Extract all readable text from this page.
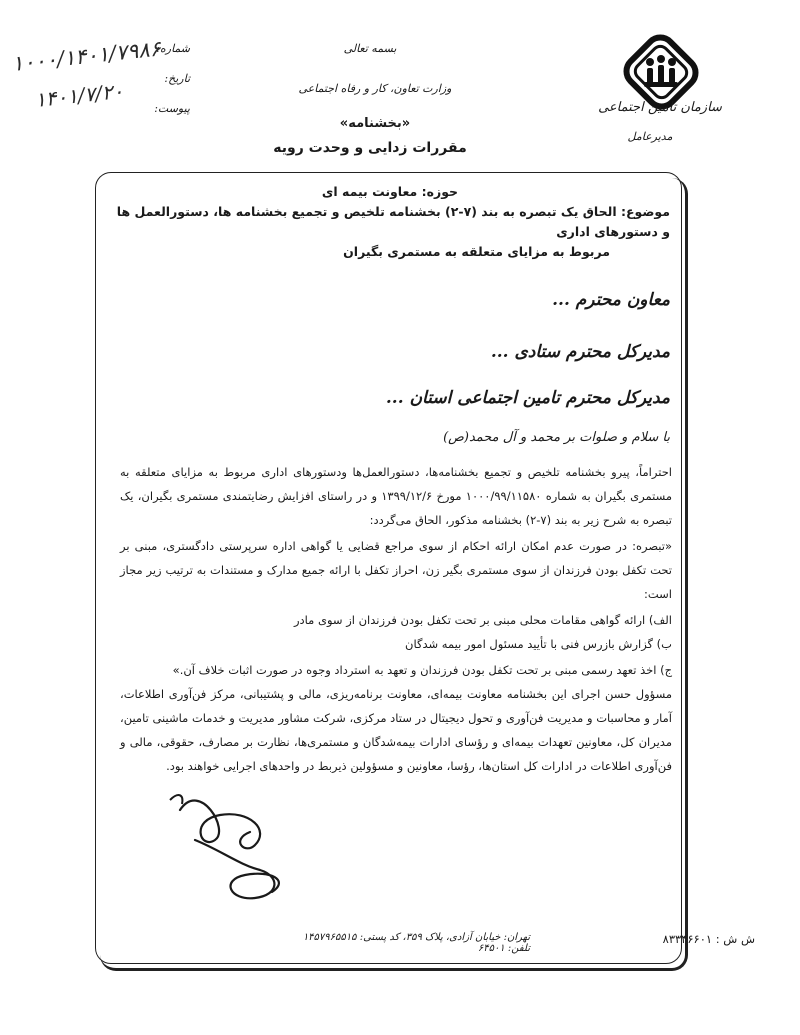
سازمان تامین اجتماعی
مدیرعامل
بسمه تعالی
وزارت تعاون، کار و رفاه اجتماعی
«بخشنامه»
مقررات زدایی و وحدت رویه
شماره:
تاریخ:
پیوست:
۱۰۰۰/۱۴۰۱/۷۹۸۶
۱۴۰۱/۷/۲۰
حوزه: معاونت بیمه ای
موضوع: الحاق یک تبصره به بند (۷-۲) بخشنامه تلخیص و تجمیع بخشنامه ها، دستورالعمل ها و دستورهای اداری
مربوط به مزایای متعلقه به مستمری بگیران
معاون محترم ...
مدیرکل محترم ستادی ...
مدیرکل محترم تامین اجتماعی استان ...
با سلام و صلوات بر محمد و آل محمد(ص)
احتراماً، پیرو بخشنامه تلخیص و تجمیع بخشنامه‌ها، دستورالعمل‌ها ودستورهای اداری مربوط به مزایای متعلقه به مستمری بگیران به شماره ۱۰۰۰/۹۹/۱۱۵۸۰ مورخ ۱۳۹۹/۱۲/۶ و در راستای افزایش رضایتمندی مستمری بگیران، یک تبصره به شرح زیر به بند (۷-۲) بخشنامه مذکور، الحاق می‌گردد:
«تبصره: در صورت عدم امکان ارائه احکام از سوی مراجع قضایی یا گواهی اداره سرپرستی دادگستری، مبنی بر تحت تکفل بودن فرزندان از سوی مستمری بگیر زن، احراز تکفل با ارائه جمیع مدارک و مستندات به ترتیب زیر مجاز است:
الف) ارائه گواهی مقامات محلی مبنی بر تحت تکفل بودن فرزندان از سوی مادر
ب) گزارش بازرس فنی با تأیید مسئول امور بیمه شدگان
ج) اخذ تعهد رسمی مبنی بر تحت تکفل بودن فرزندان و تعهد به استرداد وجوه در صورت اثبات خلاف آن.»
مسؤول حسن اجرای این بخشنامه معاونت بیمه‌ای، معاونت برنامه‌ریزی، مالی و پشتیبانی، مرکز فن‌آوری اطلاعات، آمار و محاسبات و مدیریت فن‌آوری و تحول دیجیتال در ستاد مرکزی، شرکت مشاور مدیریت و خدمات ماشینی تامین، مدیران کل، معاونین تعهدات بیمه‌ای و رؤسای ادارات بیمه‌شدگان و مستمری‌ها، نظارت بر مصارف، حقوقی، مالی و فن‌آوری اطلاعات در ادارات کل استان‌ها، رؤسا، معاونین و مسؤولین ذیربط در واحدهای اجرایی خواهند بود.
تهران: خیابان آزادی، پلاک ۳۵۹، کد پستی: ۱۴۵۷۹۶۵۵۱۵ تلفن: ۶۴۵۰۱
ش ش : ۸۳۳۴۶۶۰۱
